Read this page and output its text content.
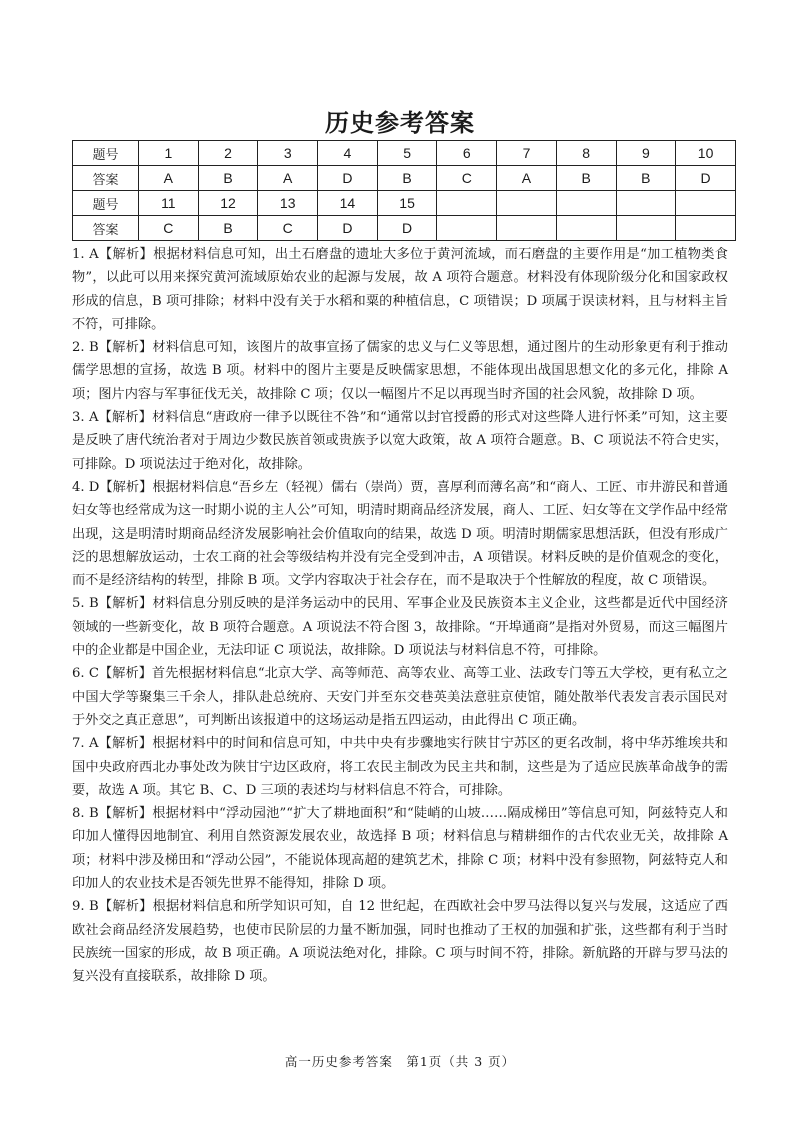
历史参考答案
题号	1	2	3	4	5	6	7	8	9	10
答案	A	B	A	D	B	C	A	B	B	D
题号	11	12	13	14	15					
答案	C	B	C	D	D					

1. A【解析】根据材料信息可知，出土石磨盘的遗址大多位于黄河流域，而石磨盘的主要作用是“加工植物类食物”，以此可以用来探究黄河流域原始农业的起源与发展，故 A 项符合题意。材料没有体现阶级分化和国家政权形成的信息，B 项可排除；材料中没有关于水稻和粟的种植信息，C 项错误；D 项属于误读材料，且与材料主旨不符，可排除。

2. B【解析】材料信息可知，该图片的故事宣扬了儒家的忠义与仁义等思想，通过图片的生动形象更有利于推动儒学思想的宣扬，故选 B 项。材料中的图片主要是反映儒家思想，不能体现出战国思想文化的多元化，排除 A 项；图片内容与军事征伐无关，故排除 C 项；仅以一幅图片不足以再现当时齐国的社会风貌，故排除 D 项。

3. A【解析】材料信息“唐政府一律予以既往不咎”和“通常以封官授爵的形式对这些降人进行怀柔”可知，这主要是反映了唐代统治者对于周边少数民族首领或贵族予以宽大政策，故 A 项符合题意。B、C 项说法不符合史实，可排除。D 项说法过于绝对化，故排除。

4. D【解析】根据材料信息“吾乡左（轻视）儒右（崇尚）贾，喜厚利而薄名高”和“商人、工匠、市井游民和普通妇女等也经常成为这一时期小说的主人公”可知，明清时期商品经济发展，商人、工匠、妇女等在文学作品中经常出现，这是明清时期商品经济发展影响社会价值取向的结果，故选 D 项。明清时期儒家思想活跃，但没有形成广泛的思想解放运动，士农工商的社会等级结构并没有完全受到冲击，A 项错误。材料反映的是价值观念的变化，而不是经济结构的转型，排除 B 项。文学内容取决于社会存在，而不是取决于个性解放的程度，故 C 项错误。

5. B【解析】材料信息分别反映的是洋务运动中的民用、军事企业及民族资本主义企业，这些都是近代中国经济领域的一些新变化，故 B 项符合题意。A 项说法不符合图 3，故排除。“开埠通商”是指对外贸易，而这三幅图片中的企业都是中国企业，无法印证 C 项说法，故排除。D 项说法与材料信息不符，可排除。

6. C【解析】首先根据材料信息“北京大学、高等师范、高等农业、高等工业、法政专门等五大学校，更有私立之中国大学等聚集三千余人，排队赴总统府、天安门并至东交巷英美法意驻京使馆，随处散举代表发言表示国民对于外交之真正意思”，可判断出该报道中的这场运动是指五四运动，由此得出 C 项正确。

7. A【解析】根据材料中的时间和信息可知，中共中央有步骤地实行陕甘宁苏区的更名改制，将中华苏维埃共和国中央政府西北办事处改为陕甘宁边区政府，将工农民主制改为民主共和制，这些是为了适应民族革命战争的需要，故选 A 项。其它 B、C、D 三项的表述均与材料信息不符合，可排除。

8. B【解析】根据材料中“浮动园池”“扩大了耕地面积”和“陡峭的山坡……隔成梯田”等信息可知，阿兹特克人和印加人懂得因地制宜、利用自然资源发展农业，故选择 B 项；材料信息与精耕细作的古代农业无关，故排除 A 项；材料中涉及梯田和“浮动公园”，不能说体现高超的建筑艺术，排除 C 项；材料中没有参照物，阿兹特克人和印加人的农业技术是否领先世界不能得知，排除 D 项。

9. B【解析】根据材料信息和所学知识可知，自 12 世纪起，在西欧社会中罗马法得以复兴与发展，这适应了西欧社会商品经济发展趋势，也使市民阶层的力量不断加强，同时也推动了王权的加强和扩张，这些都有利于当时民族统一国家的形成，故 B 项正确。A 项说法绝对化，排除。C 项与时间不符，排除。新航路的开辟与罗马法的复兴没有直接联系，故排除 D 项。

高一历史参考答案　第1页（共 3 页）
